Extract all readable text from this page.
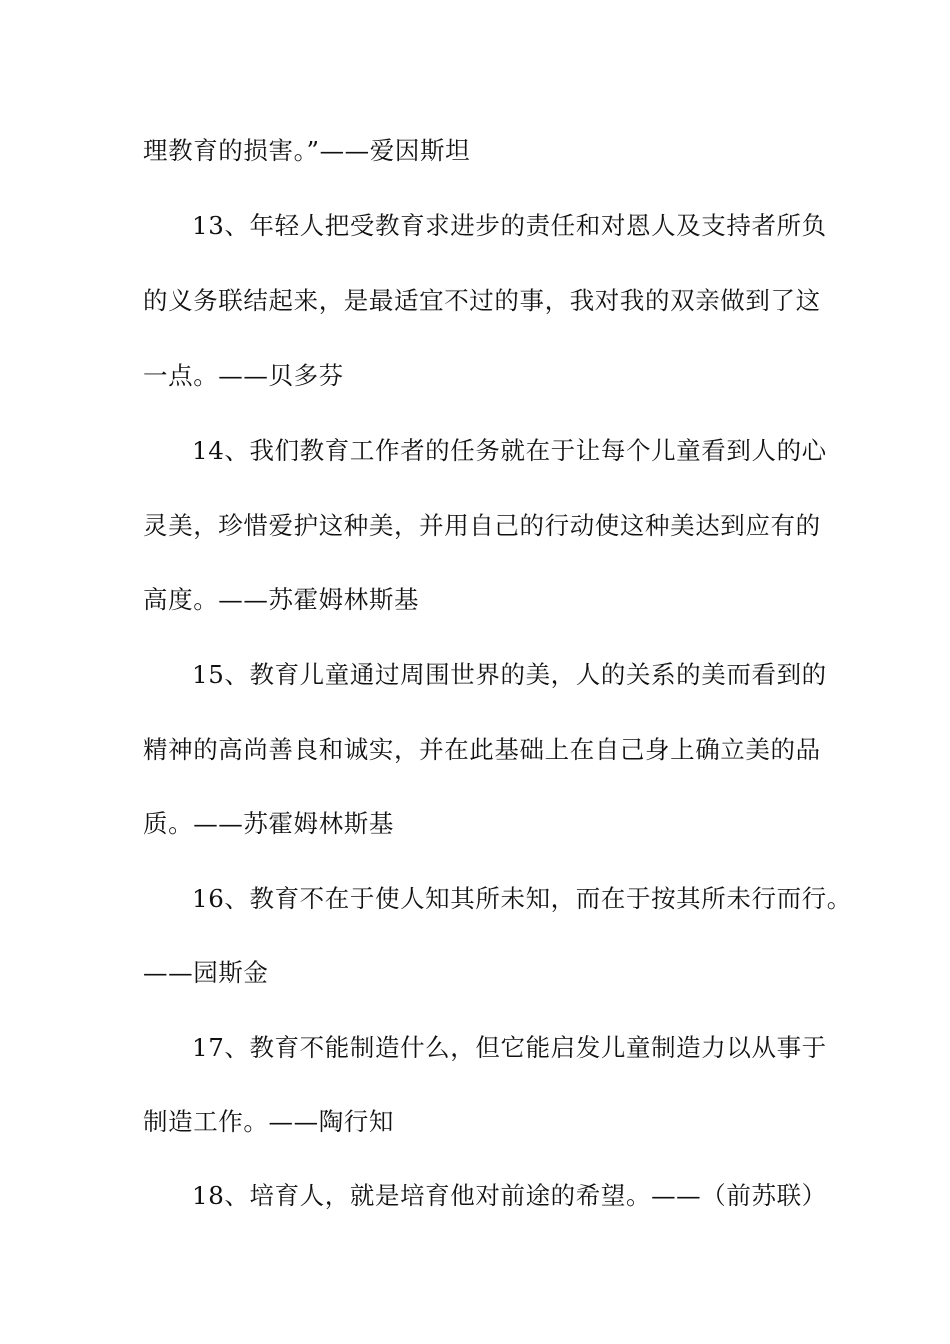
理教育的损害。”——爱因斯坦
13、年轻人把受教育求进步的责任和对恩人及支持者所负
的义务联结起来，是最适宜不过的事，我对我的双亲做到了这
一点。——贝多芬
14、我们教育工作者的任务就在于让每个儿童看到人的心
灵美，珍惜爱护这种美，并用自己的行动使这种美达到应有的
高度。——苏霍姆林斯基
15、教育儿童通过周围世界的美，人的关系的美而看到的
精神的高尚善良和诚实，并在此基础上在自己身上确立美的品
质。——苏霍姆林斯基
16、教育不在于使人知其所未知，而在于按其所未行而行。
——园斯金
17、教育不能制造什么，但它能启发儿童制造力以从事于
制造工作。——陶行知
18、培育人，就是培育他对前途的希望。——（前苏联）
